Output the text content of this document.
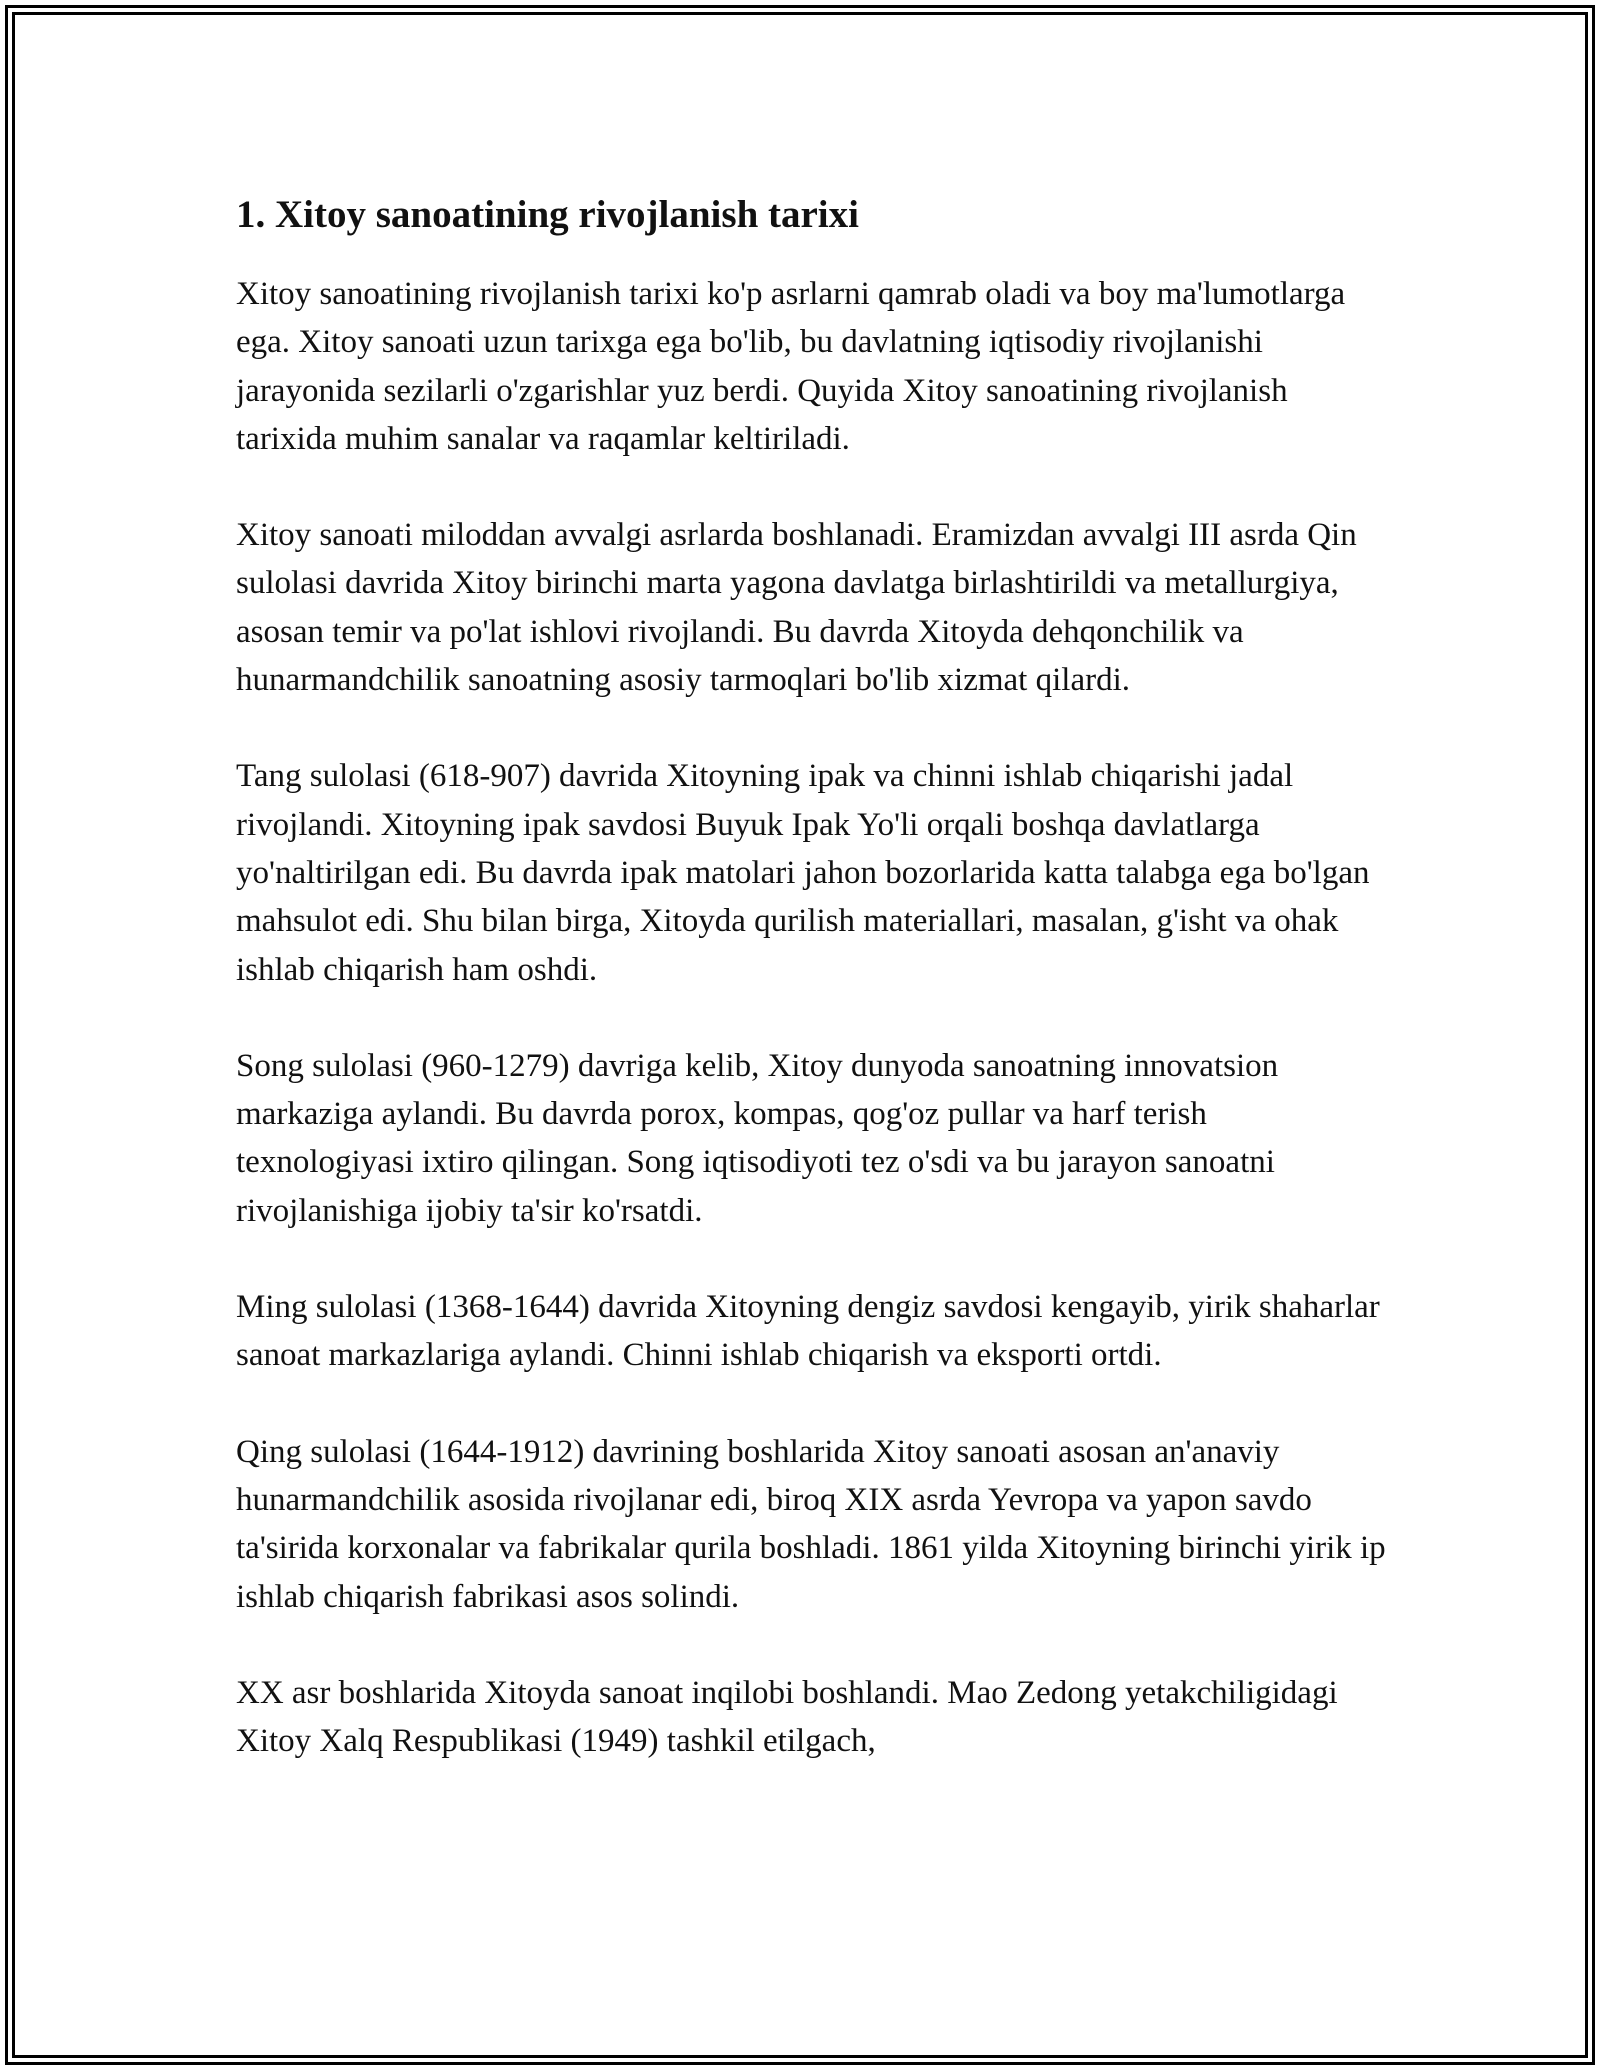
1. Xitoy sanoatining rivojlanish tarixi

Xitoy sanoatining rivojlanish tarixi ko'p asrlarni qamrab oladi va boy ma'lumotlarga ega. Xitoy sanoati uzun tarixga ega bo'lib, bu davlatning iqtisodiy rivojlanishi jarayonida sezilarli o'zgarishlar yuz berdi. Quyida Xitoy sanoatining rivojlanish tarixida muhim sanalar va raqamlar keltiriladi.

Xitoy sanoati miloddan avvalgi asrlarda boshlanadi. Eramizdan avvalgi III asrda Qin sulolasi davrida Xitoy birinchi marta yagona davlatga birlashtirildi va metallurgiya, asosan temir va po'lat ishlovi rivojlandi. Bu davrda Xitoyda dehqonchilik va hunarmandchilik sanoatning asosiy tarmoqlari bo'lib xizmat qilardi.

Tang sulolasi (618-907) davrida Xitoyning ipak va chinni ishlab chiqarishi jadal rivojlandi. Xitoyning ipak savdosi Buyuk Ipak Yo'li orqali boshqa davlatlarga yo'naltirilgan edi. Bu davrda ipak matolari jahon bozorlarida katta talabga ega bo'lgan mahsulot edi. Shu bilan birga, Xitoyda qurilish materiallari, masalan, g'isht va ohak ishlab chiqarish ham oshdi.

Song sulolasi (960-1279) davriga kelib, Xitoy dunyoda sanoatning innovatsion markaziga aylandi. Bu davrda porox, kompas, qog'oz pullar va harf terish texnologiyasi ixtiro qilingan. Song iqtisodiyoti tez o'sdi va bu jarayon sanoatni rivojlanishiga ijobiy ta'sir ko'rsatdi.

Ming sulolasi (1368-1644) davrida Xitoyning dengiz savdosi kengayib, yirik shaharlar sanoat markazlariga aylandi. Chinni ishlab chiqarish va eksporti ortdi.

Qing sulolasi (1644-1912) davrining boshlarida Xitoy sanoati asosan an'anaviy hunarmandchilik asosida rivojlanar edi, biroq XIX asrda Yevropa va yapon savdo ta'sirida korxonalar va fabrikalar qurila boshladi. 1861 yilda Xitoyning birinchi yirik ip ishlab chiqarish fabrikasi asos solindi.

XX asr boshlarida Xitoyda sanoat inqilobi boshlandi. Mao Zedong yetakchiligidagi Xitoy Xalq Respublikasi (1949) tashkil etilgach,
